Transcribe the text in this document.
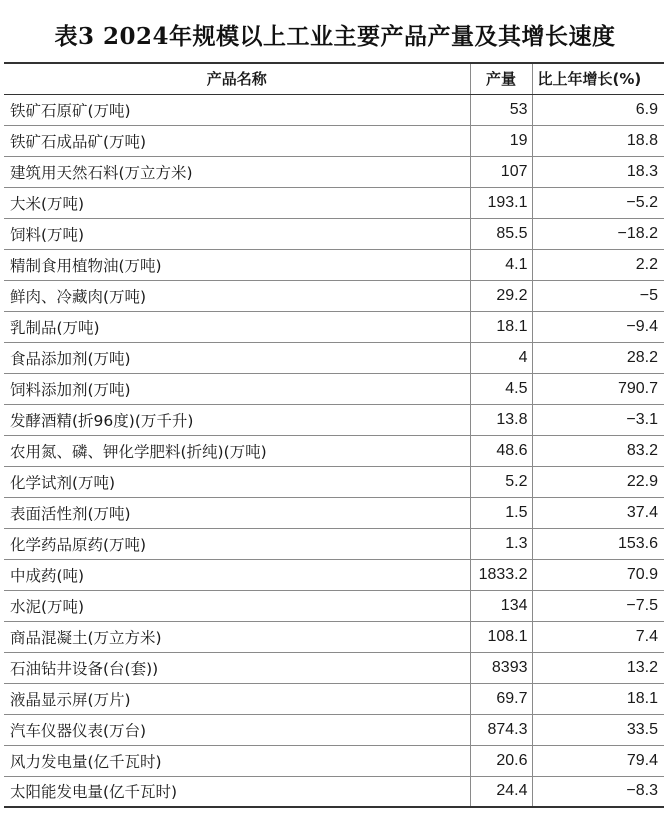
表3 2024年规模以上工业主要产品产量及其增长速度
产品名称	产量	比上年增长(%)
铁矿石原矿(万吨)	53	6.9
铁矿石成品矿(万吨)	19	18.8
建筑用天然石料(万立方米)	107	18.3
大米(万吨)	193.1	−5.2
饲料(万吨)	85.5	−18.2
精制食用植物油(万吨)	4.1	2.2
鲜肉、冷藏肉(万吨)	29.2	−5
乳制品(万吨)	18.1	−9.4
食品添加剂(万吨)	4	28.2
饲料添加剂(万吨)	4.5	790.7
发酵酒精(折96度)(万千升)	13.8	−3.1
农用氮、磷、钾化学肥料(折纯)(万吨)	48.6	83.2
化学试剂(万吨)	5.2	22.9
表面活性剂(万吨)	1.5	37.4
化学药品原药(万吨)	1.3	153.6
中成药(吨)	1833.2	70.9
水泥(万吨)	134	−7.5
商品混凝土(万立方米)	108.1	7.4
石油钻井设备(台(套))	8393	13.2
液晶显示屏(万片)	69.7	18.1
汽车仪器仪表(万台)	874.3	33.5
风力发电量(亿千瓦时)	20.6	79.4
太阳能发电量(亿千瓦时)	24.4	−8.3
